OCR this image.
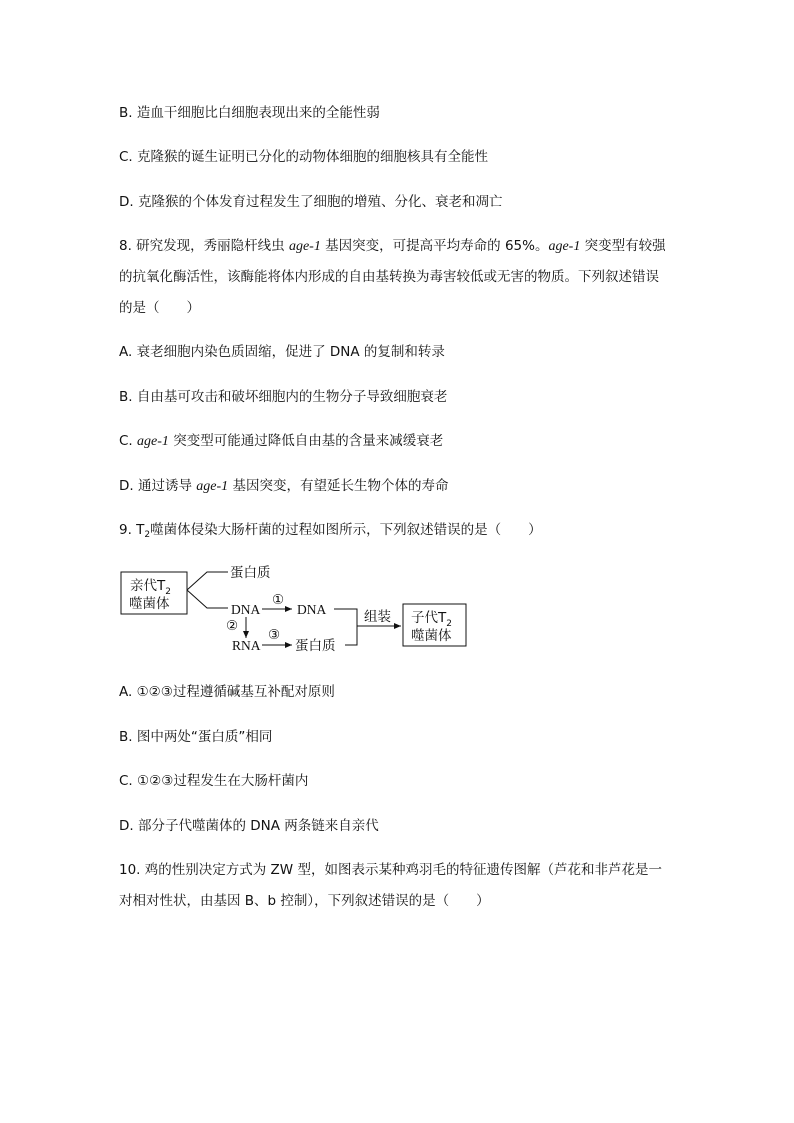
B. 造血干细胞比白细胞表现出来的全能性弱
C. 克隆猴的诞生证明已分化的动物体细胞的细胞核具有全能性
D. 克隆猴的个体发育过程发生了细胞的增殖、分化、衰老和凋亡
8. 研究发现，秀丽隐杆线虫 age-1 基因突变，可提高平均寿命的 65%。age-1 突变型有较强
的抗氧化酶活性，该酶能将体内形成的自由基转换为毒害较低或无害的物质。下列叙述错误
的是（　　）
A. 衰老细胞内染色质固缩，促进了 DNA 的复制和转录
B. 自由基可攻击和破坏细胞内的生物分子导致细胞衰老
C. age-1 突变型可能通过降低自由基的含量来减缓衰老
D. 通过诱导 age-1 基因突变，有望延长生物个体的寿命
9. $T_2$噬菌体侵染大肠杆菌的过程如图所示，下列叙述错误的是（　　）
亲代$T_2$
噬菌体
蛋白质
DNA
①
DNA
②
RNA
③
蛋白质
组装 子代$T_2$
噬菌体
A. ①②③过程遵循碱基互补配对原则
B. 图中两处“蛋白质”相同
C. ①②③过程发生在大肠杆菌内
D. 部分子代噬菌体的 DNA 两条链来自亲代
10. 鸡的性别决定方式为 ZW 型，如图表示某种鸡羽毛的特征遗传图解（芦花和非芦花是一
对相对性状，由基因 B、b 控制），下列叙述错误的是（　　）
